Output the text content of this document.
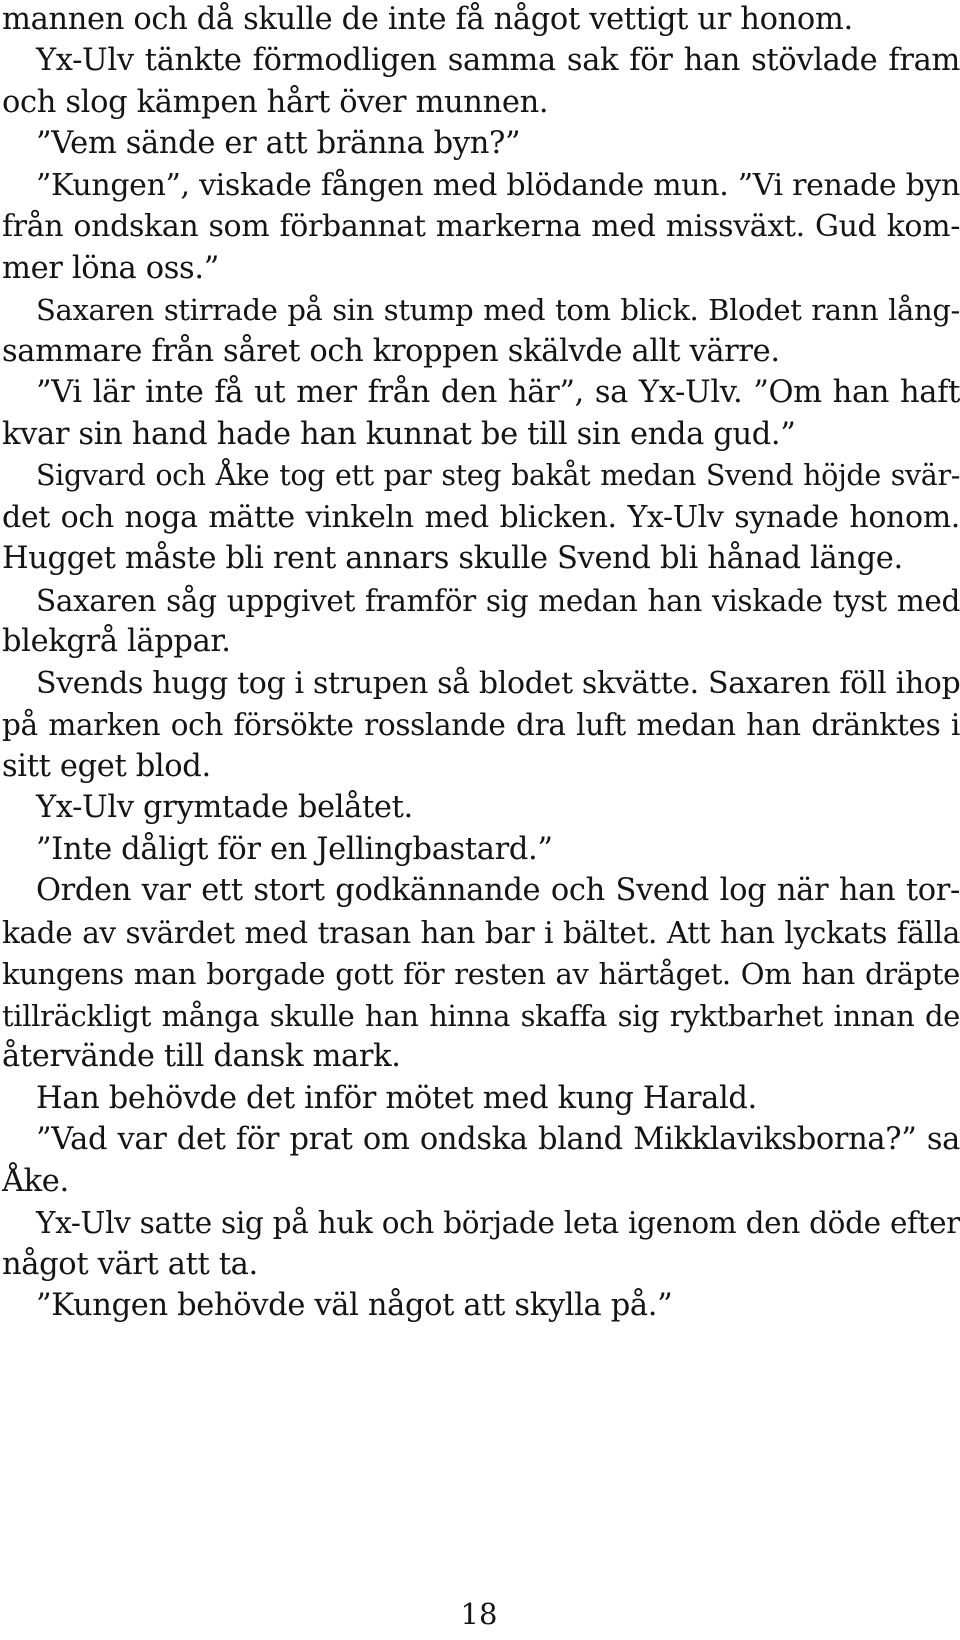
mannen och då skulle de inte få något vettigt ur honom.
Yx-Ulv tänkte förmodligen samma sak för han stövlade fram
och slog kämpen hårt över munnen.
”Vem sände er att bränna byn?”
”Kungen”, viskade fången med blödande mun. ”Vi renade byn
från ondskan som förbannat markerna med missväxt. Gud kom-
mer löna oss.”
Saxaren stirrade på sin stump med tom blick. Blodet rann lång-
sammare från såret och kroppen skälvde allt värre.
”Vi lär inte få ut mer från den här”, sa Yx-Ulv. ”Om han haft
kvar sin hand hade han kunnat be till sin enda gud.”
Sigvard och Åke tog ett par steg bakåt medan Svend höjde svär-
det och noga mätte vinkeln med blicken. Yx-Ulv synade honom.
Hugget måste bli rent annars skulle Svend bli hånad länge.
Saxaren såg uppgivet framför sig medan han viskade tyst med
blekgrå läppar.
Svends hugg tog i strupen så blodet skvätte. Saxaren föll ihop
på marken och försökte rosslande dra luft medan han dränktes i
sitt eget blod.
Yx-Ulv grymtade belåtet.
”Inte dåligt för en Jellingbastard.”
Orden var ett stort godkännande och Svend log när han tor-
kade av svärdet med trasan han bar i bältet. Att han lyckats fälla
kungens man borgade gott för resten av härtåget. Om han dräpte
tillräckligt många skulle han hinna skaffa sig ryktbarhet innan de
återvände till dansk mark.
Han behövde det inför mötet med kung Harald.
”Vad var det för prat om ondska bland Mikklaviksborna?” sa
Åke.
Yx-Ulv satte sig på huk och började leta igenom den döde efter
något värt att ta.
”Kungen behövde väl något att skylla på.”
18
